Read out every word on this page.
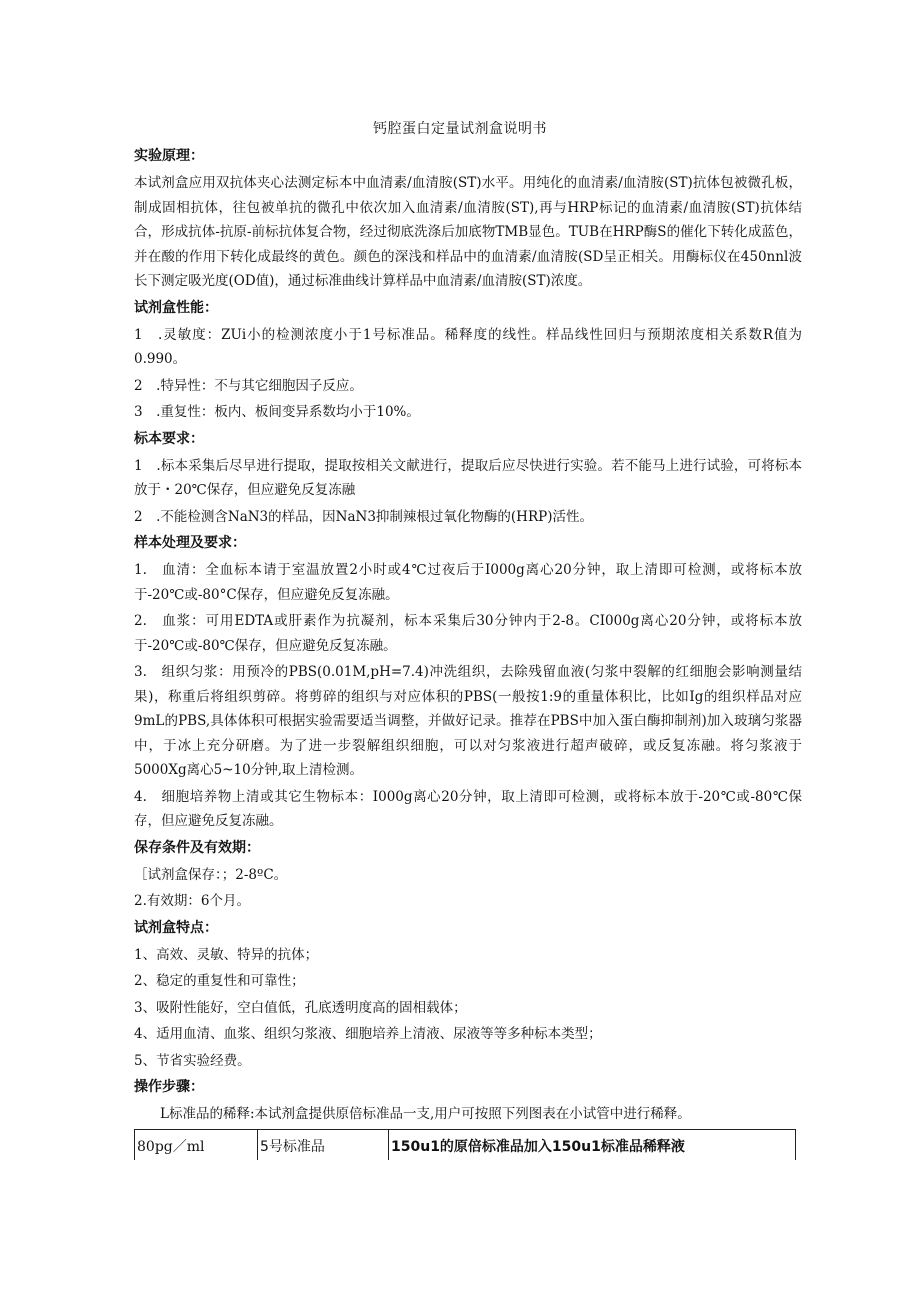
钙腔蛋白定量试剂盒说明书
实验原理：

本试剂盒应用双抗体夹心法测定标本中血清素/血清胺(ST)水平。用纯化的血清素/血清胺(ST)抗体包被微孔板，制成固相抗体，往包被单抗的微孔中依次加入血清素/血清胺(ST),再与HRP标记的血清素/血清胺(ST)抗体结合，形成抗体-抗原-前标抗体复合物，经过彻底洗涤后加底物TMB显色。TUB在HRP酶S的催化下转化成蓝色，并在酸的作用下转化成最终的黄色。颜色的深浅和样品中的血清素/血清胺(SD呈正相关。用酶标仪在450nnl波长下测定吸光度(OD值)，通过标准曲线计算样品中血清素/血清胺(ST)浓度。

试剂盒性能：

1　.灵敏度：ZUi小的检测浓度小于1号标准品。稀释度的线性。样品线性回归与预期浓度相关系数R值为0.990。

2　.特异性：不与其它细胞因子反应。

3　.重复性：板内、板间变异系数均小于10%。

标本要求：

1　.标本采集后尽早进行提取，提取按相关文献进行，提取后应尽快进行实验。若不能马上进行试验，可将标本放于・20℃保存，但应避免反复冻融

2　.不能检测含NaN3的样品，因NaN3抑制辣根过氧化物酶的(HRP)活性。

样本处理及要求：

1.　血清：全血标本请于室温放置2小时或4℃过夜后于I000g离心20分钟，取上清即可检测，或将标本放于-20℃或-80°C保存，但应避免反复冻融。

2.　血浆：可用EDTA或肝素作为抗凝剂，标本采集后30分钟内于2-8。CI000g离心20分钟，或将标本放于-20℃或-80℃保存，但应避免反复冻融。

3.　组织匀浆：用预冷的PBS(0.01M,pH=7.4)冲洗组织，去除残留血液(匀浆中裂解的红细胞会影响测量结果)，称重后将组织剪碎。将剪碎的组织与对应体积的PBS(一般按1:9的重量体积比，比如Ig的组织样品对应9mL的PBS,具体体积可根据实验需要适当调整，并做好记录。推荐在PBS中加入蛋白酶抑制剂)加入玻璃匀浆器中，于冰上充分研磨。为了进一步裂解组织细胞，可以对匀浆液进行超声破碎，或反复冻融。将匀浆液于5000Xg离心5~10分钟,取上清检测。

4.　细胞培养物上清或其它生物标本：I000g离心20分钟，取上清即可检测，或将标本放于-20℃或-80℃保存，但应避免反复冻融。

保存条件及有效期：

［试剂盒保存：；2-8ºC。

2.有效期：6个月。

试剂盒特点：

1、高效、灵敏、特异的抗体；

2、稳定的重复性和可靠性；

3、吸附性能好，空白值低，孔底透明度高的固相载体；

4、适用血清、血浆、组织匀浆液、细胞培养上清液、尿液等等多种标本类型；

5、节省实验经费。

操作步骤：

L标准品的稀释:本试剂盒提供原倍标准品一支,用户可按照下列图表在小试管中进行稀释。

80pg／ml	5号标准品	150u1的原倍标准品加入150u1标准品稀释液
